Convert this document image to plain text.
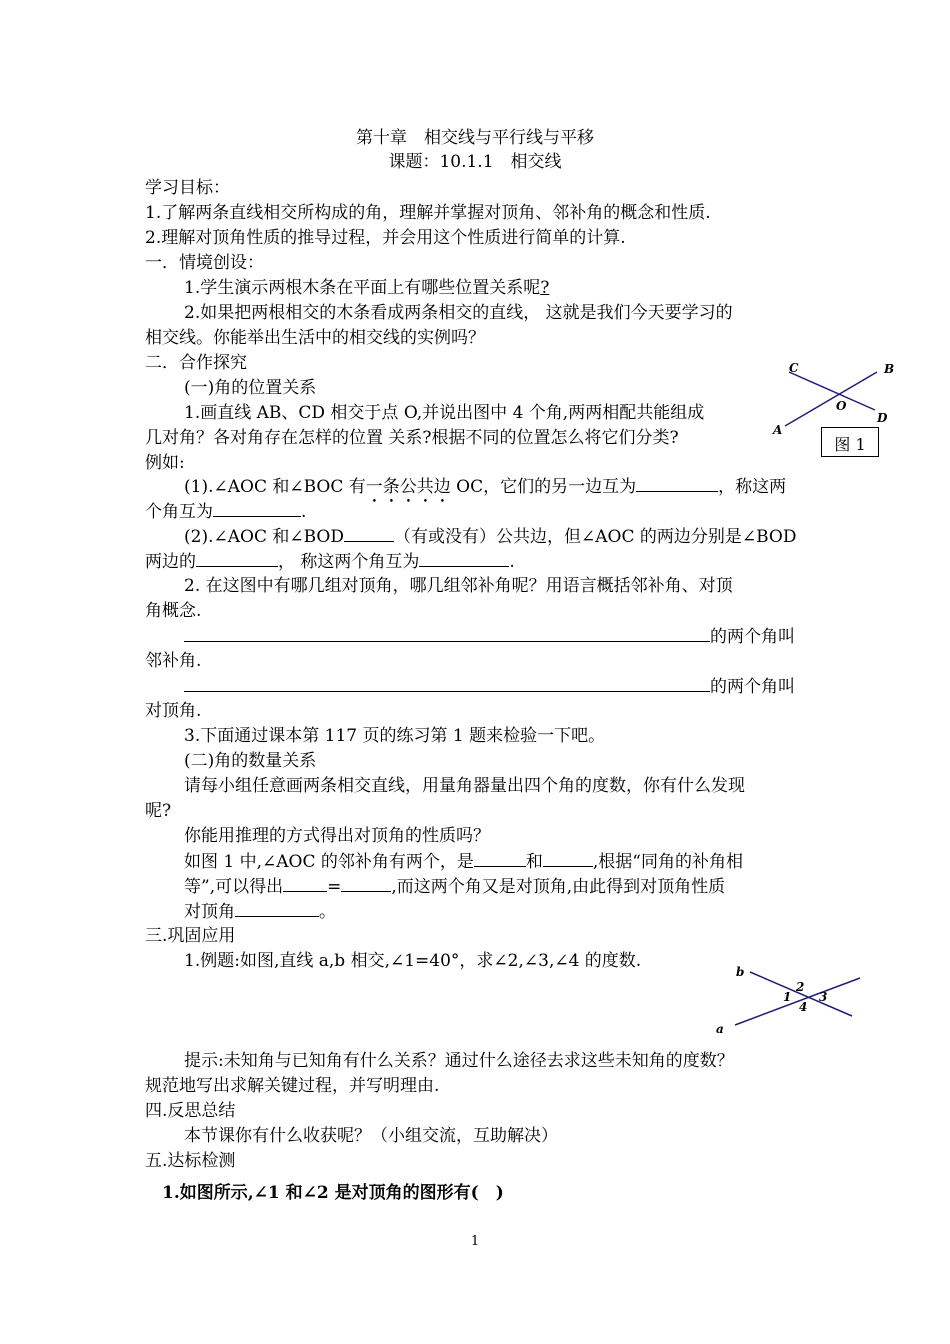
第十章　相交线与平行线与平移
课题：10.1.1　相交线
学习目标：
1.了解两条直线相交所构成的角，理解并掌握对顶角、邻补角的概念和性质.
2.理解对顶角性质的推导过程，并会用这个性质进行简单的计算.
一．情境创设：
1.学生演示两根木条在平面上有哪些位置关系呢?
2.如果把两根相交的木条看成两条相交的直线， 这就是我们今天要学习的
相交线。你能举出生活中的相交线的实例吗？
二．合作探究
(一)角的位置关系
1.画直线 AB、CD 相交于点 O,并说出图中 4 个角,两两相配共能组成
几对角？各对角存在怎样的位置 关系?根据不同的位置怎么将它们分类?
例如:
(1).∠AOC 和∠BOC 有一条公共边 OC，它们的另一边互为	，称这两
个角互为	.
(2).∠AOC 和∠BOD	（有或没有）公共边，但∠AOC 的两边分别是∠BOD
两边的	， 称这两个角互为	.
2. 在这图中有哪几组对顶角，哪几组邻补角呢？用语言概括邻补角、对顶
角概念.
的两个角叫
邻补角.
的两个角叫
对顶角.
3.下面通过课本第 117 页的练习第 1 题来检验一下吧。
(二)角的数量关系
请每小组任意画两条相交直线，用量角器量出四个角的度数，你有什么发现
呢?
你能用推理的方式得出对顶角的性质吗？
如图 1 中,∠AOC 的邻补角有两个，是	和	,根据“同角的补角相
等”,可以得出	=	,而这两个角又是对顶角,由此得到对顶角性质
对顶角	。
三.巩固应用
1.例题:如图,直线 a,b 相交,∠1=40°，求∠2,∠3,∠4 的度数.
提示:未知角与已知角有什么关系？通过什么途径去求这些未知角的度数？
规范地写出求解关键过程，并写明理由.
四.反思总结
本节课你有什么收获呢？（小组交流，互助解决）
五.达标检测
1.如图所示,∠1 和∠2 是对顶角的图形有(　)
C	B
O
D
A
图 1
b
a
2
1 3
4
1
